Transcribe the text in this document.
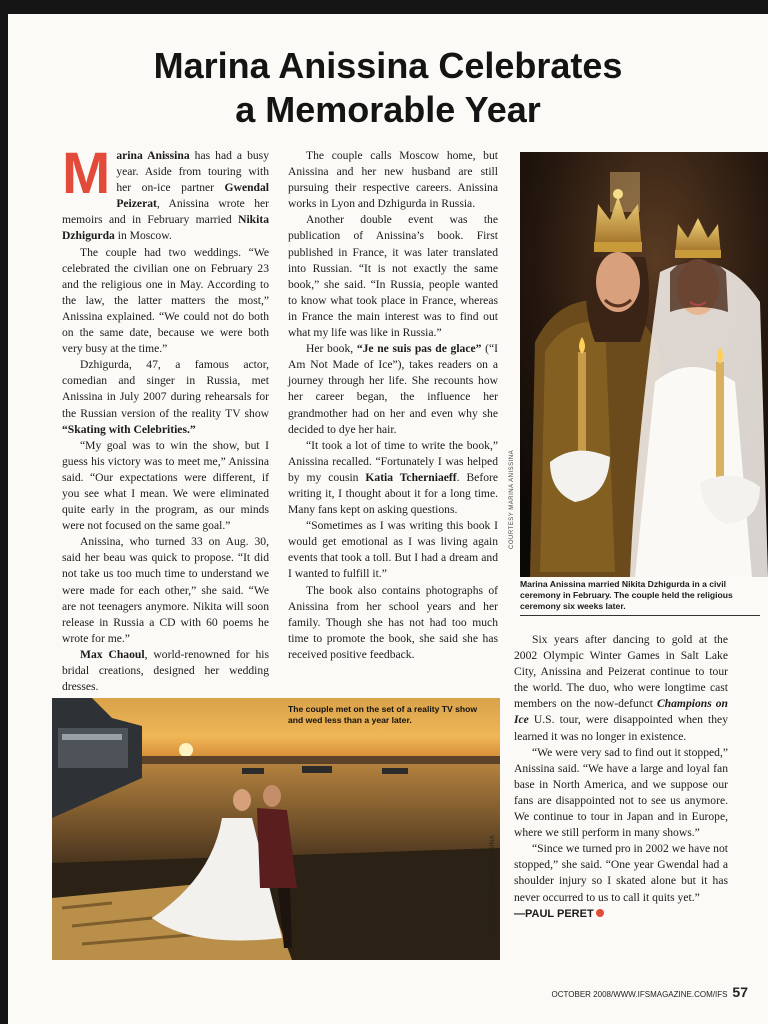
Marina Anissina Celebrates
a Memorable Year

Marina Anissina has had a busy year. Aside from touring with her on-ice partner Gwendal Peizerat, Anissina wrote her memoirs and in February married Nikita Dzhigurda in Moscow.

The couple had two weddings. “We celebrated the civilian one on February 23 and the religious one in May. According to the law, the latter matters the most,” Anissina explained. “We could not do both on the same date, because we were both very busy at the time.”

Dzhigurda, 47, a famous actor, comedian and singer in Russia, met Anissina in July 2007 during rehearsals for the Russian version of the reality TV show “Skating with Celebrities.”

“My goal was to win the show, but I guess his victory was to meet me,” Anissina said. “Our expectations were different, if you see what I mean. We were eliminated quite early in the program, as our minds were not focused on the same goal.”

Anissina, who turned 33 on Aug. 30, said her beau was quick to propose. “It did not take us too much time to understand we were made for each other,” she said. “We are not teenagers anymore. Nikita will soon release in Russia a CD with 60 poems he wrote for me.”

Max Chaoul, world-renowned for his bridal creations, designed her wedding dresses.

The couple calls Moscow home, but Anissina and her new husband are still pursuing their respective careers. Anissina works in Lyon and Dzhigurda in Russia.

Another double event was the publication of Anissina’s book. First published in France, it was later translated into Russian. “It is not exactly the same book,” she said. “In Russia, people wanted to know what took place in France, whereas in France the main interest was to find out what my life was like in Russia.”

Her book, “Je ne suis pas de glace” (“I Am Not Made of Ice”), takes readers on a journey through her life. She recounts how her career began, the influence her grandmother had on her and even why she decided to dye her hair.

“It took a lot of time to write the book,” Anissina recalled. “Fortunately I was helped by my cousin Katia Tcherniaeff. Before writing it, I thought about it for a long time. Many fans kept on asking questions.

“Sometimes as I was writing this book I would get emotional as I was living again events that took a toll. But I had a dream and I wanted to fulfill it.”

The book also contains photographs of Anissina from her school years and her family. Though she has not had too much time to promote the book, she said she has received positive feedback.

COURTESY MARINA ANISSINA
Marina Anissina married Nikita Dzhigurda in a civil ceremony in February. The couple held the religious ceremony six weeks later.

Six years after dancing to gold at the 2002 Olympic Winter Games in Salt Lake City, Anissina and Peizerat continue to tour the world. The duo, who were longtime cast members on the now-defunct Champions on Ice U.S. tour, were disappointed when they learned it was no longer in existence.

“We were very sad to find out it stopped,” Anissina said. “We have a large and loyal fan base in North America, and we suppose our fans are disappointed not to see us anymore. We continue to tour in Japan and in Europe, where we still perform in many shows.”

“Since we turned pro in 2002 we have not stopped,” she said. “One year Gwendal had a shoulder injury so I skated alone but it has never occurred to us to call it quits yet.”

—PAUL PERET

The couple met on the set of a reality TV show and wed less than a year later.
COURTESY MARINA ANISSINA
OCTOBER 2008/WWW.IFSMAGAZINE.COM/IFS 57
